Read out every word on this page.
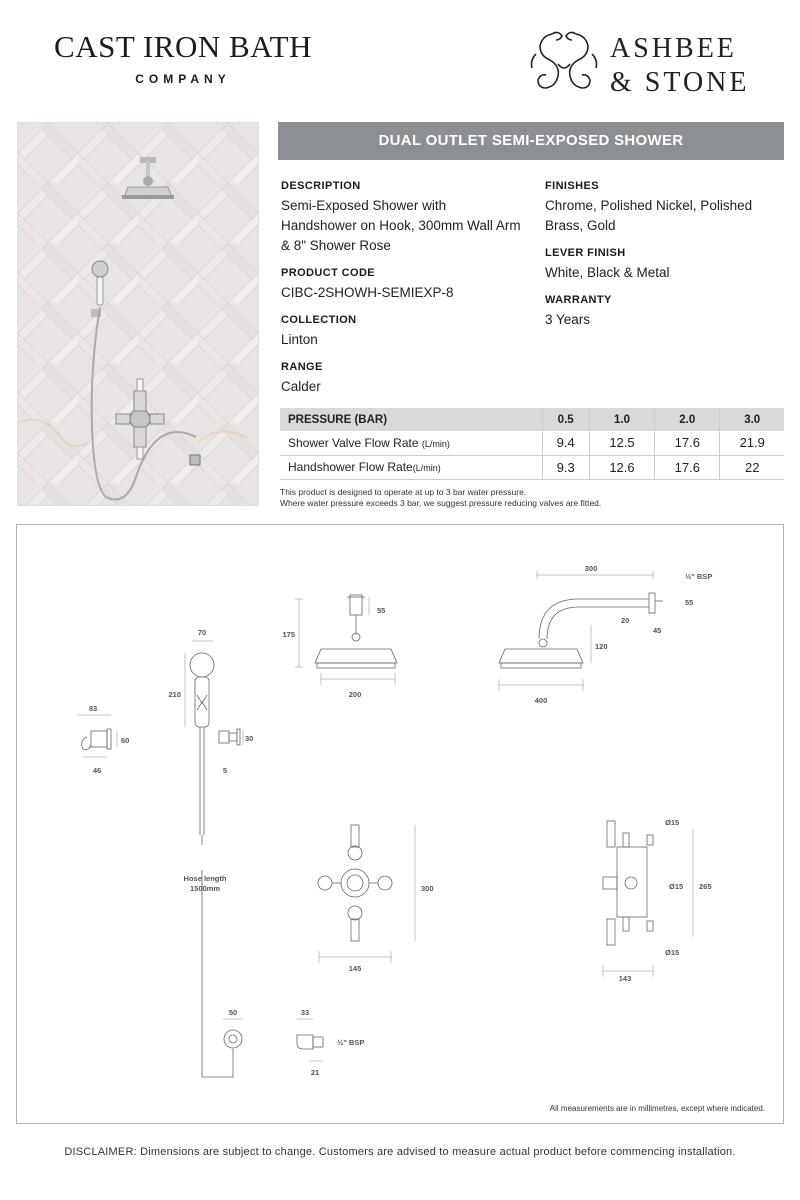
CAST IRON BATH
COMPANY
ASHBEE
& STONE
DUAL OUTLET SEMI-EXPOSED SHOWER
DESCRIPTION
Semi-Exposed Shower with Handshower on Hook, 300mm Wall Arm & 8" Shower Rose
PRODUCT CODE
CIBC-2SHOWH-SEMIEXP-8
COLLECTION
Linton
RANGE
Calder
FINISHES
Chrome, Polished Nickel, Polished Brass, Gold
LEVER FINISH
White, Black & Metal
WARRANTY
3 Years
PRESSURE (BAR)	0.5	1.0	2.0	3.0
Shower Valve Flow Rate (L/min)	9.4	12.5	17.6	21.9
Handshower Flow Rate(L/min)	9.3	12.6	17.6	22
This product is designed to operate at up to 3 bar water pressure.
Where water pressure exceeds 3 bar, we suggest pressure reducing valves are fitted.
200
175
55
300
½" BSP
55
20
45
120
400
70
210
83
60
46
30
5
Hose length
1500mm	300
145
Ø15
Ø15
Ø15
265
143
50	33
21
½" BSP
All measurements are in millimetres, except where indicated.
DISCLAIMER: Dimensions are subject to change. Customers are advised to measure actual product before commencing installation.
